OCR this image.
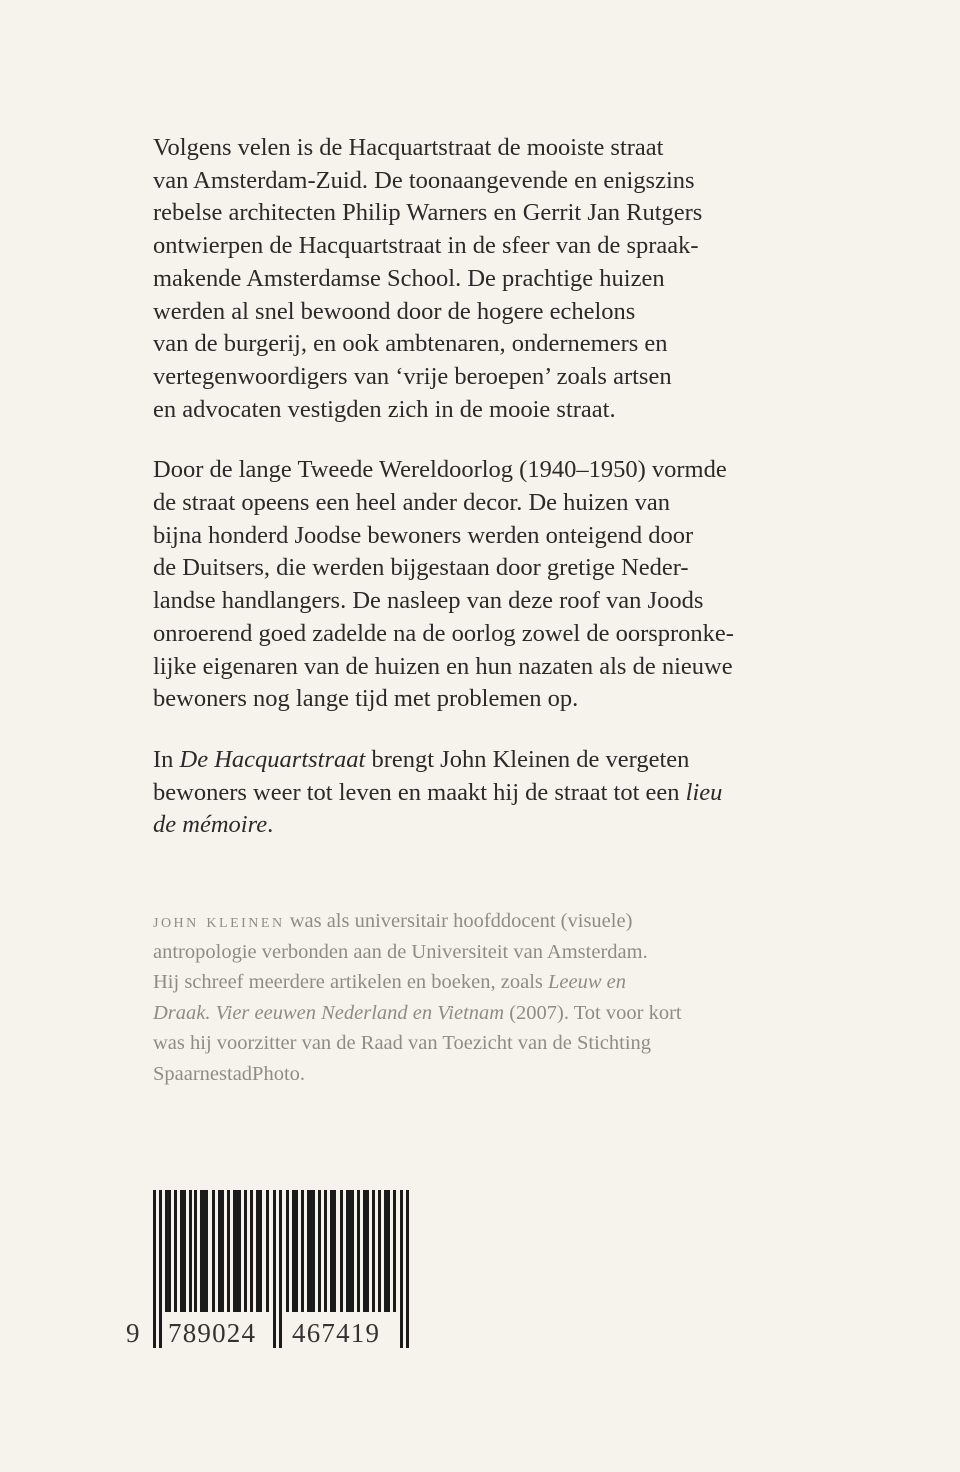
Volgens velen is de Hacquartstraat de mooiste straat
van Amsterdam-Zuid. De toonaangevende en enigszins
rebelse architecten Philip Warners en Gerrit Jan Rutgers
ontwierpen de Hacquartstraat in de sfeer van de spraak-
makende Amsterdamse School. De prachtige huizen
werden al snel bewoond door de hogere echelons
van de burgerij, en ook ambtenaren, ondernemers en
vertegenwoordigers van ‘vrije beroepen’ zoals artsen
en advocaten vestigden zich in de mooie straat.

Door de lange Tweede Wereldoorlog (1940–1950) vormde
de straat opeens een heel ander decor. De huizen van
bijna honderd Joodse bewoners werden onteigend door
de Duitsers, die werden bijgestaan door gretige Neder-
landse handlangers. De nasleep van deze roof van Joods
onroerend goed zadelde na de oorlog zowel de oorspronke-
lijke eigenaren van de huizen en hun nazaten als de nieuwe
bewoners nog lange tijd met problemen op.

In De Hacquartstraat brengt John Kleinen de vergeten
bewoners weer tot leven en maakt hij de straat tot een lieu
de mémoire.

john kleinen was als universitair hoofddocent (visuele)
antropologie verbonden aan de Universiteit van Amsterdam.
Hij schreef meerdere artikelen en boeken, zoals Leeuw en
Draak. Vier eeuwen Nederland en Vietnam (2007). Tot voor kort
was hij voorzitter van de Raad van Toezicht van de Stichting
SpaarnestadPhoto.
9 789024 467419
